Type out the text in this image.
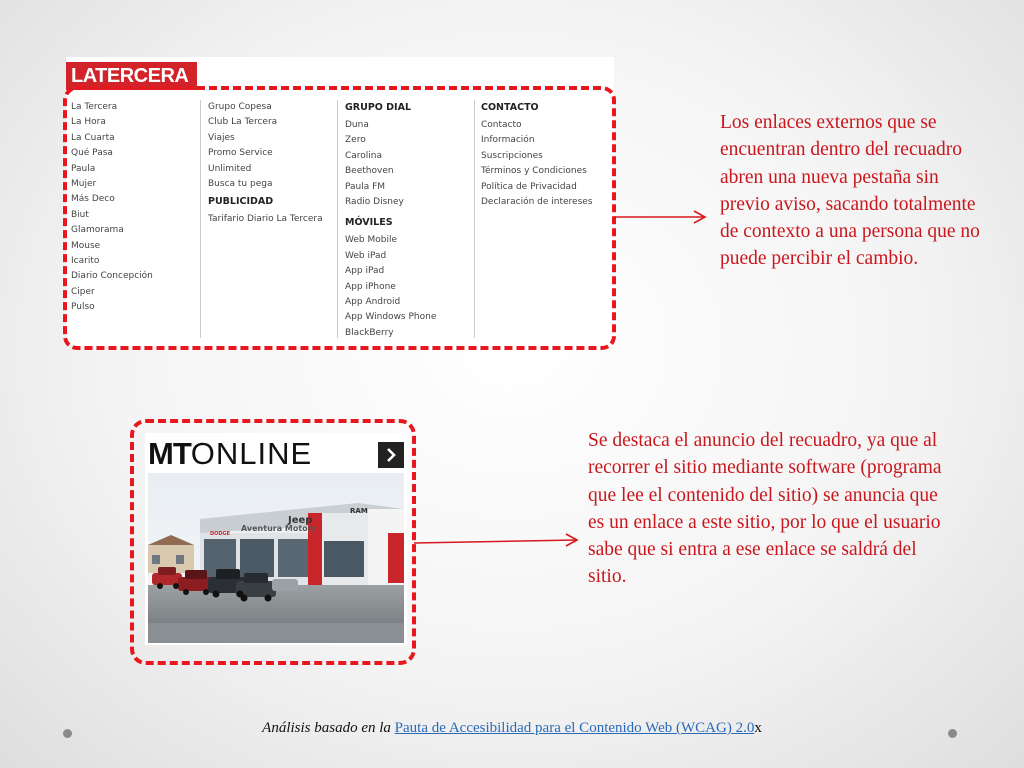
LATERCERA
La Tercera
La Hora
La Cuarta
Qué Pasa
Paula
Mujer
Más Deco
Biut
Glamorama
Mouse
Icarito
Diario Concepción
Ciper
Pulso
Grupo Copesa
Club La Tercera
Viajes
Promo Service
Unlimited
Busca tu pega
PUBLICIDAD
Tarifario Diario La Tercera
GRUPO DIAL
Duna
Zero
Carolina
Beethoven
Paula FM
Radio Disney
MÓVILES
Web Mobile
Web iPad
App iPad
App iPhone
App Android
App Windows Phone
BlackBerry
CONTACTO
Contacto
Información
Suscripciones
Términos y Condiciones
Política de Privacidad
Declaración de intereses
Los enlaces externos que se encuentran dentro del recuadro abren una nueva pestaña sin previo aviso, sacando totalmente de contexto a una persona que no puede percibir el cambio.
MTONLINE
Aventura Motors
Jeep
RAM
DODGE
Se destaca el anuncio del recuadro, ya que al recorrer el sitio mediante software (programa que lee el contenido del sitio) se anuncia que es un enlace a este sitio, por lo que el usuario sabe que si entra a ese enlace se saldrá del sitio.
Análisis basado en la Pauta de Accesibilidad para el Contenido Web (WCAG) 2.0x
